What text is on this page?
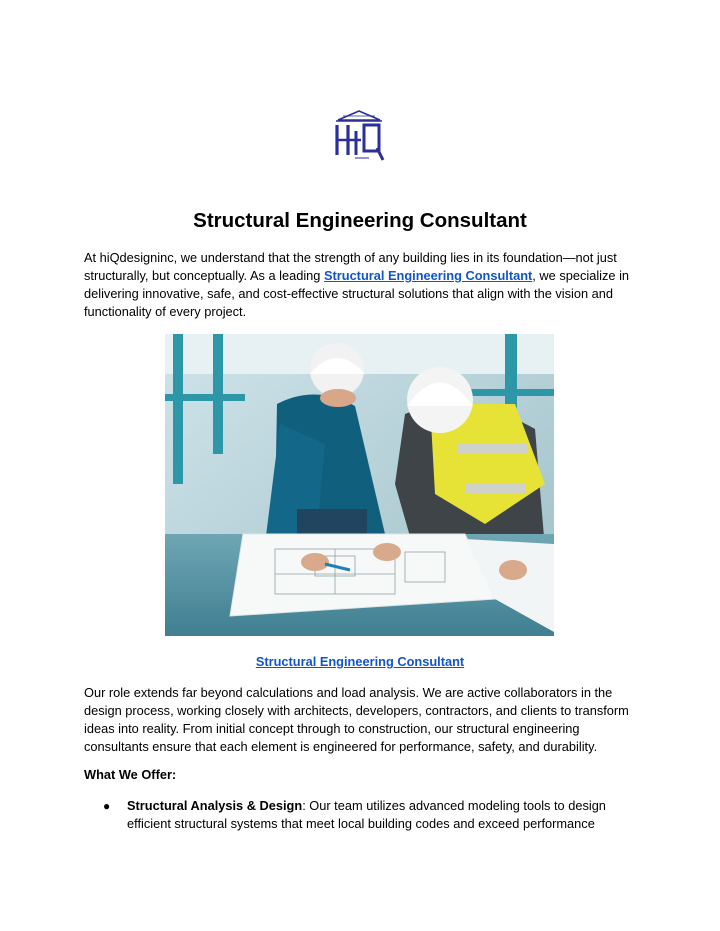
Structural Engineering Consultant

At hiQdesigninc, we understand that the strength of any building lies in its foundation—not just structurally, but conceptually. As a leading Structural Engineering Consultant, we specialize in delivering innovative, safe, and cost-effective structural solutions that align with the vision and functionality of every project.

Structural Engineering Consultant

Our role extends far beyond calculations and load analysis. We are active collaborators in the design process, working closely with architects, developers, contractors, and clients to transform ideas into reality. From initial concept through to construction, our structural engineering consultants ensure that each element is engineered for performance, safety, and durability.

What We Offer:

● Structural Analysis & Design: Our team utilizes advanced modeling tools to design efficient structural systems that meet local building codes and exceed performance
